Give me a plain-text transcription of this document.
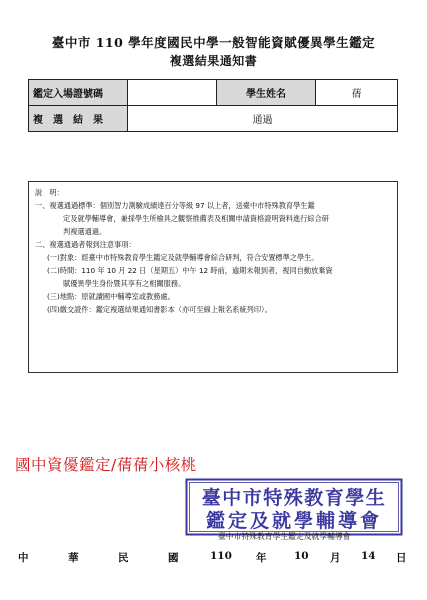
臺中市 110 學年度國民中學一般智能資賦優異學生鑑定
複選結果通知書
鑑定入場證號碼		學生姓名	蒨
複　選　結　果	通過		
說　明：
一、複選通過標準：個別智力測驗成績達百分等級 97 以上者，送臺中市特殊教育學生鑑
定及就學輔導會，兼採學生所檢具之觀察推薦表及相關申請資格證明資料進行綜合研
判複選通過。
二、複選通過者報到注意事項：
(一)對象：經臺中市特殊教育學生鑑定及就學輔導會綜合研判，符合安置標準之學生。
(二)時間：110 年 10 月 22 日（星期五）中午 12 時前，逾期未報到者，視同自動放棄資
賦優異學生身份暨其享有之相關服務。
(三)地點：原就讀國中輔導室或教務處。
(四)繳交證件：鑑定複選結果通知書影本（亦可至線上報名系統列印）。
國中資優鑑定/蒨蒨小核桃
臺中市特殊教育學生
鑑定及就學輔導會
臺中市特殊教育學生鑑定及就學輔導會
中	華	民	國	110 年	10 月 14 日
